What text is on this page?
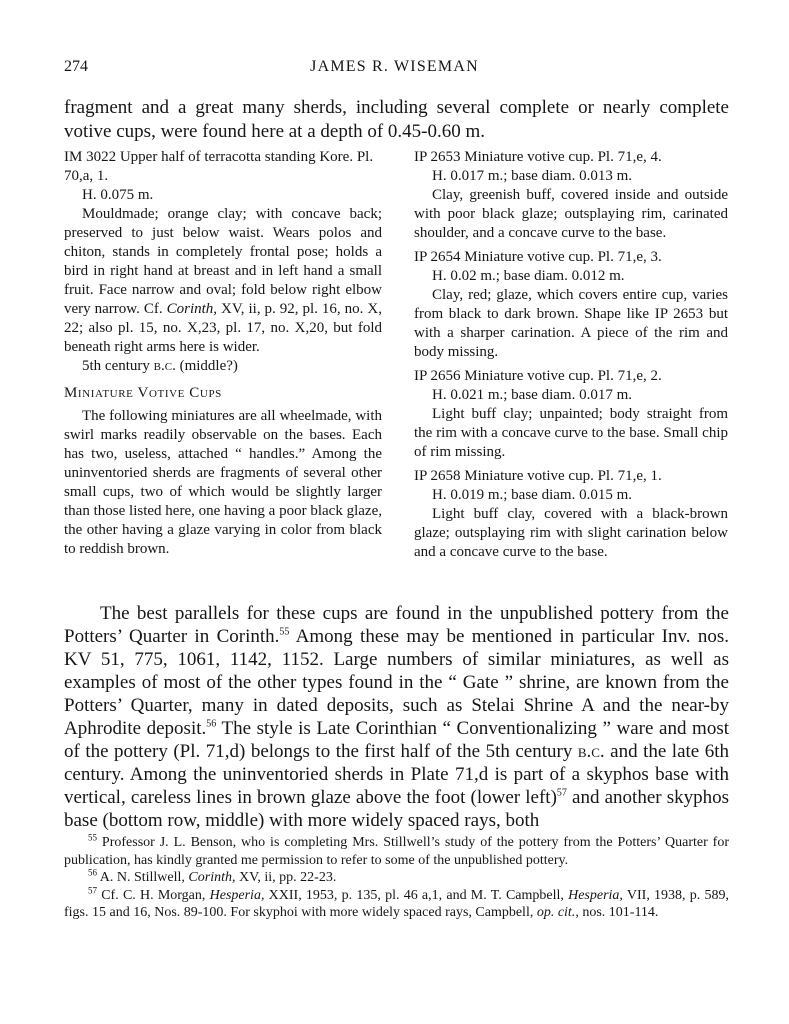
274	JAMES R. WISEMAN
fragment and a great many sherds, including several complete or nearly complete votive cups, were found here at a depth of 0.45-0.60 m.

IM 3022 Upper half of terracotta standing Kore. Pl. 70,a, 1.

H. 0.075 m.

Mouldmade; orange clay; with concave back; preserved to just below waist. Wears polos and chiton, stands in completely frontal pose; holds a bird in right hand at breast and in left hand a small fruit. Face narrow and oval; fold below right elbow very narrow. Cf. Corinth, XV, ii, p. 92, pl. 16, no. X, 22; also pl. 15, no. X,23, pl. 17, no. X,20, but fold beneath right arms here is wider.

5th century b.c. (middle?)

Miniature Votive Cups

The following miniatures are all wheelmade, with swirl marks readily observable on the bases. Each has two, useless, attached “ handles.” Among the uninventoried sherds are fragments of several other small cups, two of which would be slightly larger than those listed here, one having a poor black glaze, the other having a glaze varying in color from black to reddish brown.

IP 2653 Miniature votive cup. Pl. 71,e, 4.

H. 0.017 m.; base diam. 0.013 m.

Clay, greenish buff, covered inside and outside with poor black glaze; outsplaying rim, carinated shoulder, and a concave curve to the base.

IP 2654 Miniature votive cup. Pl. 71,e, 3.

H. 0.02 m.; base diam. 0.012 m.

Clay, red; glaze, which covers entire cup, varies from black to dark brown. Shape like IP 2653 but with a sharper carination. A piece of the rim and body missing.

IP 2656 Miniature votive cup. Pl. 71,e, 2.

H. 0.021 m.; base diam. 0.017 m.

Light buff clay; unpainted; body straight from the rim with a concave curve to the base. Small chip of rim missing.

IP 2658 Miniature votive cup. Pl. 71,e, 1.

H. 0.019 m.; base diam. 0.015 m.

Light buff clay, covered with a black-brown glaze; outsplaying rim with slight carination below and a concave curve to the base.

The best parallels for these cups are found in the unpublished pottery from the Potters’ Quarter in Corinth.$^{55}$ Among these may be mentioned in particular Inv. nos. KV 51, 775, 1061, 1142, 1152. Large numbers of similar miniatures, as well as examples of most of the other types found in the “ Gate ” shrine, are known from the Potters’ Quarter, many in dated deposits, such as Stelai Shrine A and the near-by Aphrodite deposit.$^{56}$ The style is Late Corinthian “ Conventionalizing ” ware and most of the pottery (Pl. 71,d) belongs to the first half of the 5th century b.c. and the late 6th century. Among the uninventoried sherds in Plate 71,d is part of a skyphos base with vertical, careless lines in brown glaze above the foot (lower left)$^{57}$ and another skyphos base (bottom row, middle) with more widely spaced rays, both

$^{55}$ Professor J. L. Benson, who is completing Mrs. Stillwell’s study of the pottery from the Potters’ Quarter for publication, has kindly granted me permission to refer to some of the unpublished pottery.

$^{56}$ A. N. Stillwell, Corinth, XV, ii, pp. 22-23.

$^{57}$ Cf. C. H. Morgan, Hesperia, XXII, 1953, p. 135, pl. 46 a,1, and M. T. Campbell, Hesperia, VII, 1938, p. 589, figs. 15 and 16, Nos. 89-100. For skyphoi with more widely spaced rays, Campbell, op. cit., nos. 101-114.
